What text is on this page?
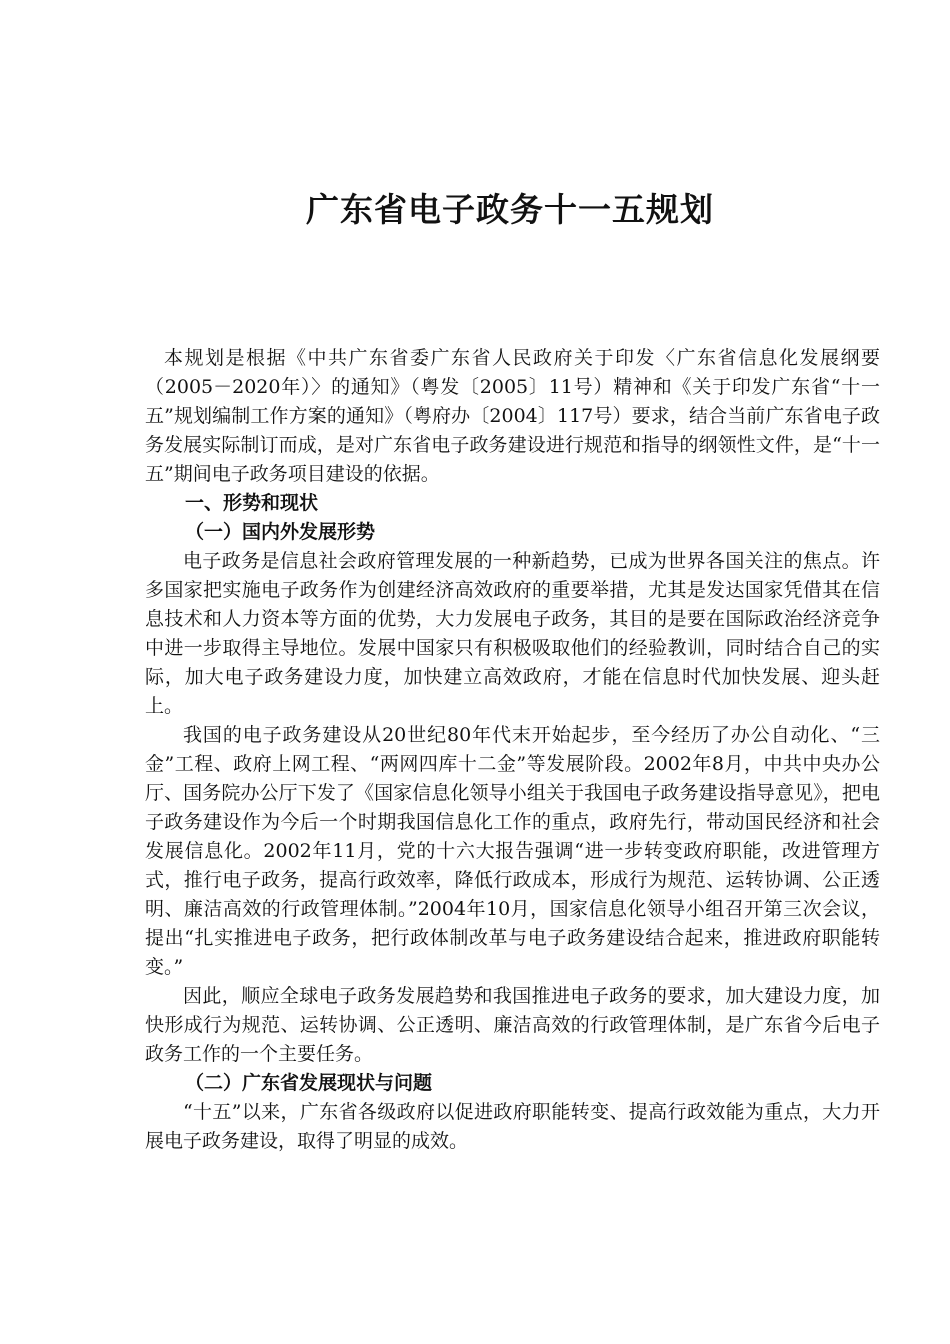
广东省电子政务十一五规划

本规划是根据《中共广东省委广东省人民政府关于印发〈广东省信息化发展纲要（2005－2020年）〉的通知》（粤发〔2005〕11号）精神和《关于印发广东省“十一五”规划编制工作方案的通知》（粤府办〔2004〕117号）要求，结合当前广东省电子政务发展实际制订而成，是对广东省电子政务建设进行规范和指导的纲领性文件，是“十一五”期间电子政务项目建设的依据。

一、形势和现状

（一）国内外发展形势

电子政务是信息社会政府管理发展的一种新趋势，已成为世界各国关注的焦点。许多国家把实施电子政务作为创建经济高效政府的重要举措，尤其是发达国家凭借其在信息技术和人力资本等方面的优势，大力发展电子政务，其目的是要在国际政治经济竞争中进一步取得主导地位。发展中国家只有积极吸取他们的经验教训，同时结合自己的实际，加大电子政务建设力度，加快建立高效政府，才能在信息时代加快发展、迎头赶上。

我国的电子政务建设从20世纪80年代末开始起步，至今经历了办公自动化、“三金”工程、政府上网工程、“两网四库十二金”等发展阶段。2002年8月，中共中央办公厅、国务院办公厅下发了《国家信息化领导小组关于我国电子政务建设指导意见》，把电子政务建设作为今后一个时期我国信息化工作的重点，政府先行，带动国民经济和社会发展信息化。2002年11月，党的十六大报告强调“进一步转变政府职能，改进管理方式，推行电子政务，提高行政效率，降低行政成本，形成行为规范、运转协调、公正透明、廉洁高效的行政管理体制。”2004年10月，国家信息化领导小组召开第三次会议，提出“扎实推进电子政务，把行政体制改革与电子政务建设结合起来，推进政府职能转变。”

因此，顺应全球电子政务发展趋势和我国推进电子政务的要求，加大建设力度，加快形成行为规范、运转协调、公正透明、廉洁高效的行政管理体制，是广东省今后电子政务工作的一个主要任务。

（二）广东省发展现状与问题

“十五”以来，广东省各级政府以促进政府职能转变、提高行政效能为重点，大力开展电子政务建设，取得了明显的成效。
